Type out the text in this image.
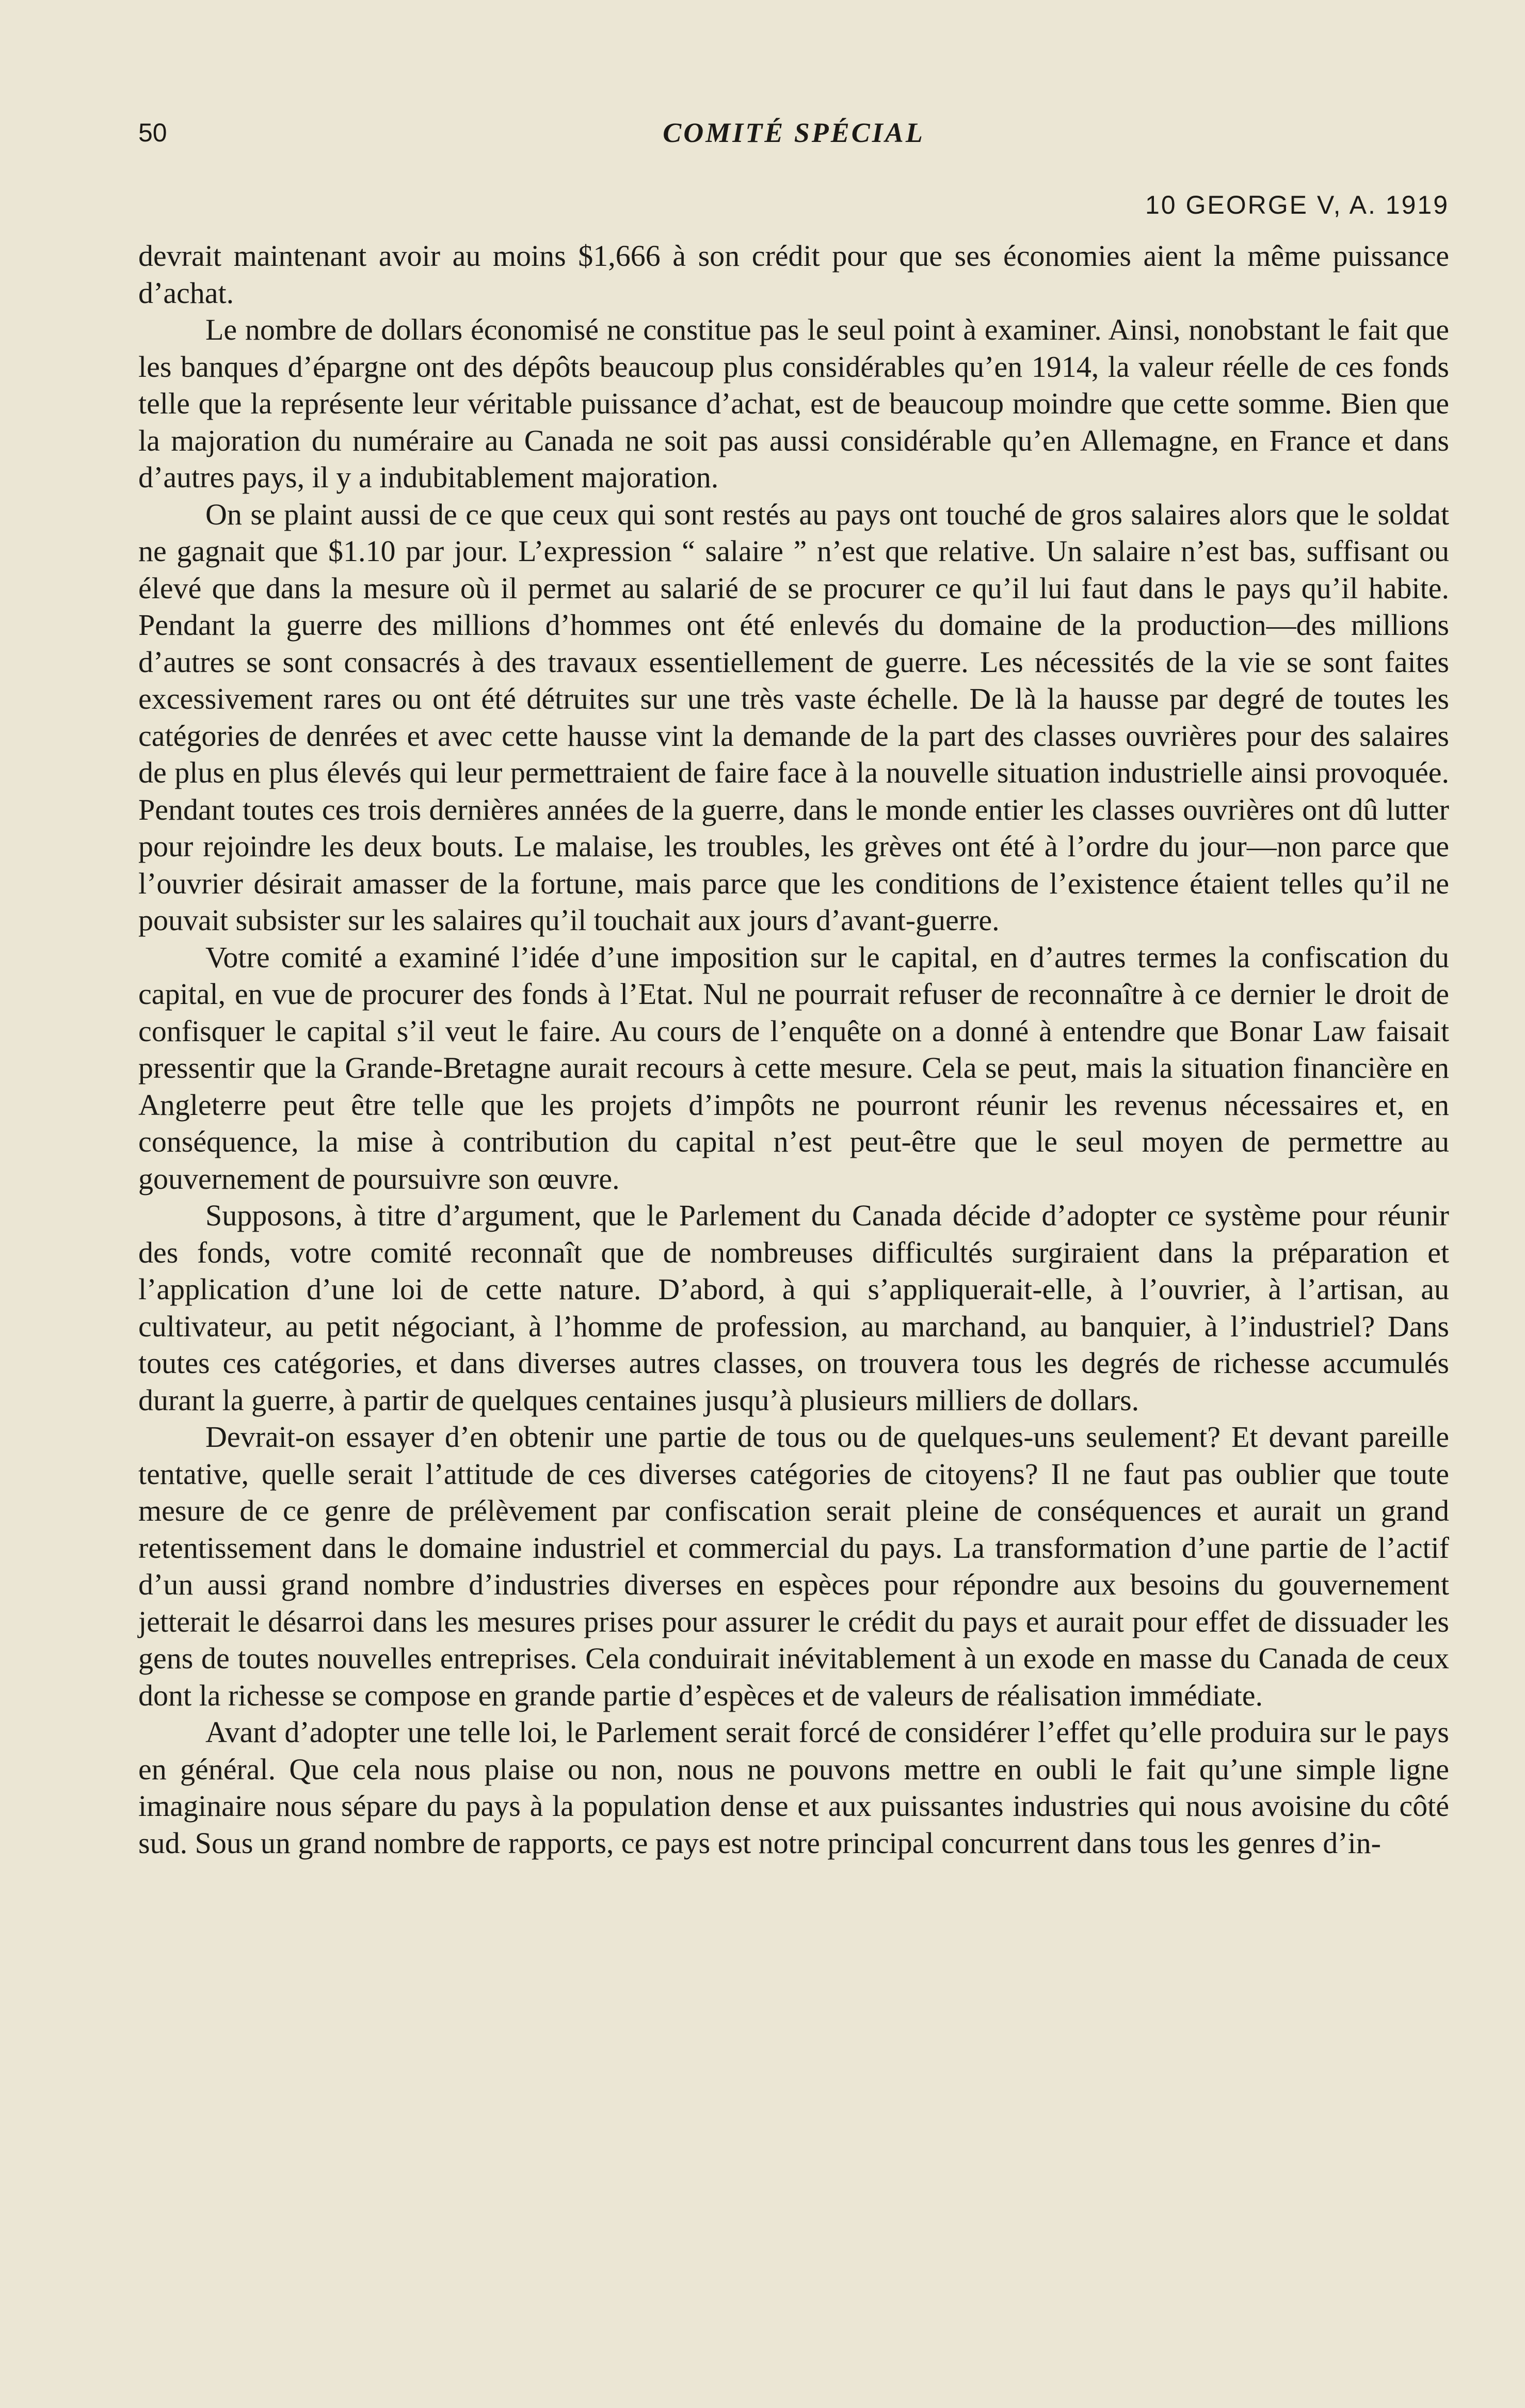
50	COMITÉ SPÉCIAL
10 GEORGE V, A. 1919

devrait maintenant avoir au moins $1,666 à son crédit pour que ses économies aient la même puissance d’achat.

Le nombre de dollars économisé ne constitue pas le seul point à examiner. Ainsi, nonobstant le fait que les banques d’épargne ont des dépôts beaucoup plus considérables qu’en 1914, la valeur réelle de ces fonds telle que la représente leur véritable puissance d’achat, est de beaucoup moindre que cette somme. Bien que la majoration du numéraire au Canada ne soit pas aussi considérable qu’en Allemagne, en France et dans d’autres pays, il y a indubitablement majoration.

On se plaint aussi de ce que ceux qui sont restés au pays ont touché de gros salaires alors que le soldat ne gagnait que $1.10 par jour. L’expression “ salaire ” n’est que relative. Un salaire n’est bas, suffisant ou élevé que dans la mesure où il permet au salarié de se procurer ce qu’il lui faut dans le pays qu’il habite. Pendant la guerre des millions d’hommes ont été enlevés du domaine de la production—des millions d’autres se sont consacrés à des travaux essentiellement de guerre. Les nécessités de la vie se sont faites excessivement rares ou ont été détruites sur une très vaste échelle. De là la hausse par degré de toutes les catégories de denrées et avec cette hausse vint la demande de la part des classes ouvrières pour des salaires de plus en plus élevés qui leur permettraient de faire face à la nouvelle situation industrielle ainsi provoquée. Pendant toutes ces trois dernières années de la guerre, dans le monde entier les classes ouvrières ont dû lutter pour rejoindre les deux bouts. Le malaise, les troubles, les grèves ont été à l’ordre du jour—non parce que l’ouvrier désirait amasser de la fortune, mais parce que les conditions de l’existence étaient telles qu’il ne pouvait subsister sur les salaires qu’il touchait aux jours d’avant-guerre.

Votre comité a examiné l’idée d’une imposition sur le capital, en d’autres termes la confiscation du capital, en vue de procurer des fonds à l’Etat. Nul ne pourrait refuser de reconnaître à ce dernier le droit de confisquer le capital s’il veut le faire. Au cours de l’enquête on a donné à entendre que Bonar Law faisait pressentir que la Grande-Bretagne aurait recours à cette mesure. Cela se peut, mais la situation financière en Angleterre peut être telle que les projets d’impôts ne pourront réunir les revenus nécessaires et, en conséquence, la mise à contribution du capital n’est peut-être que le seul moyen de permettre au gouvernement de poursuivre son œuvre.

Supposons, à titre d’argument, que le Parlement du Canada décide d’adopter ce système pour réunir des fonds, votre comité reconnaît que de nombreuses difficultés surgiraient dans la préparation et l’application d’une loi de cette nature. D’abord, à qui s’appliquerait-elle, à l’ouvrier, à l’artisan, au cultivateur, au petit négociant, à l’homme de profession, au marchand, au banquier, à l’industriel? Dans toutes ces catégories, et dans diverses autres classes, on trouvera tous les degrés de richesse accumulés durant la guerre, à partir de quelques centaines jusqu’à plusieurs milliers de dollars.

Devrait-on essayer d’en obtenir une partie de tous ou de quelques-uns seulement? Et devant pareille tentative, quelle serait l’attitude de ces diverses catégories de citoyens? Il ne faut pas oublier que toute mesure de ce genre de prélèvement par confiscation serait pleine de conséquences et aurait un grand retentissement dans le domaine industriel et commercial du pays. La transformation d’une partie de l’actif d’un aussi grand nombre d’industries diverses en espèces pour répondre aux besoins du gouvernement jetterait le désarroi dans les mesures prises pour assurer le crédit du pays et aurait pour effet de dissuader les gens de toutes nouvelles entreprises. Cela conduirait inévitablement à un exode en masse du Canada de ceux dont la richesse se compose en grande partie d’espèces et de valeurs de réalisation immédiate.

Avant d’adopter une telle loi, le Parlement serait forcé de considérer l’effet qu’elle produira sur le pays en général. Que cela nous plaise ou non, nous ne pouvons mettre en oubli le fait qu’une simple ligne imaginaire nous sépare du pays à la population dense et aux puissantes industries qui nous avoisine du côté sud. Sous un grand nombre de rapports, ce pays est notre principal concurrent dans tous les genres d’in-
